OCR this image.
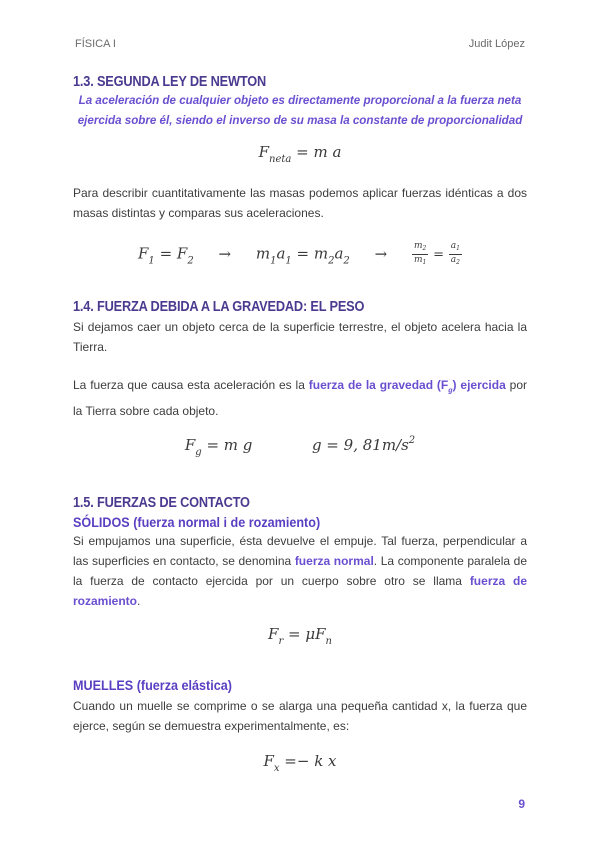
FÍSICA I	Judit López
1.3. SEGUNDA LEY DE NEWTON
La aceleración de cualquier objeto es directamente proporcional a la fuerza neta
ejercida sobre él, siendo el inverso de su masa la constante de proporcionalidad
$F_{neta} = m$ a

Para describir cuantitativamente las masas podemos aplicar fuerzas idénticas a dos masas distintas y comparas sus aceleraciones.

$F_1 = F_2 \to m_1a_1 = m_2a_2$ →	$\frac{m_2}{m_1} = \frac{a_1}{a_2}$
1.4. FUERZA DEBIDA A LA GRAVEDAD: EL PESO

Si dejamos caer un objeto cerca de la superficie terrestre, el objeto acelera hacia la Tierra.

La fuerza que causa esta aceleración es la fuerza de la gravedad $(F_g)$ ejercida por la Tierra sobre cada objeto.

$F_g = m$ g	g = 9, $81m/s^2$
1.5. FUERZAS DE CONTACTO
SÓLIDOS (fuerza normal i de rozamiento)

Si empujamos una superficie, ésta devuelve el empuje. Tal fuerza, perpendicular a las superficies en contacto, se denomina fuerza normal. La componente paralela de la fuerza de contacto ejercida por un cuerpo sobre otro se llama fuerza de rozamiento.

$F_r = \mu F_n$
MUELLES (fuerza elástica)

Cuando un muelle se comprime o se alarga una pequeña cantidad x, la fuerza que ejerce, según se demuestra experimentalmente, es:

$F_x =- k$ x
9
